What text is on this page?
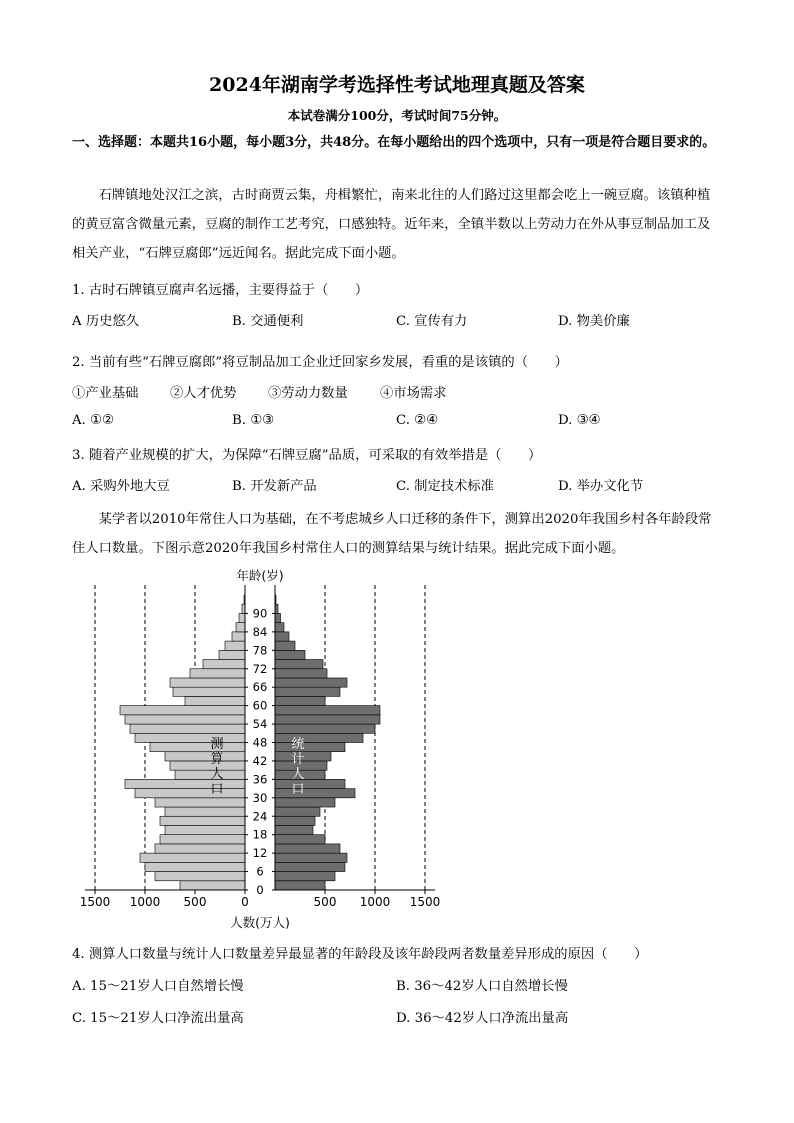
2024年湖南学考选择性考试地理真题及答案
本试卷满分100分，考试时间75分钟。
一、选择题：本题共16小题，每小题3分，共48分。在每小题给出的四个选项中，只有一项是符合题目要求的。
石牌镇地处汉江之滨，古时商贾云集，舟楫繁忙，南来北往的人们路过这里都会吃上一碗豆腐。该镇种植的黄豆富含微量元素，豆腐的制作工艺考究，口感独特。近年来，全镇半数以上劳动力在外从事豆制品加工及相关产业，“石牌豆腐郎”远近闻名。据此完成下面小题。
1. 古时石牌镇豆腐声名远播，主要得益于（　　）
A 历史悠久	B. 交通便利	C. 宣传有力	D. 物美价廉
2. 当前有些“石牌豆腐郎”将豆制品加工企业迁回家乡发展，看重的是该镇的（　　）
①产业基础 ②人才优势 ③劳动力数量 ④市场需求
A. ①②	B. ①③	C. ②④	D. ③④
3. 随着产业规模的扩大，为保障“石牌豆腐”品质，可采取的有效举措是（　　）
A. 采购外地大豆	B. 开发新产品	C. 制定技术标准	D. 举办文化节
某学者以2010年常住人口为基础，在不考虑城乡人口迁移的条件下，测算出2020年我国乡村各年龄段常住人口数量。下图示意2020年我国乡村常住人口的测算结果与统计结果。据此完成下面小题。
1500 1000 500	0	500 1000 1500
0
6
12
18
24
30
36
42
48
54
60
66
72
78
84
90
年龄(岁)
人数(万人)
测
算
人
口
统
计
人
口
4. 测算人口数量与统计人口数量差异最显著的年龄段及该年龄段两者数量差异形成的原因（　　）
A. 15～21岁人口自然增长慢	B. 36～42岁人口自然增长慢
C. 15～21岁人口净流出量高	D. 36～42岁人口净流出量高
